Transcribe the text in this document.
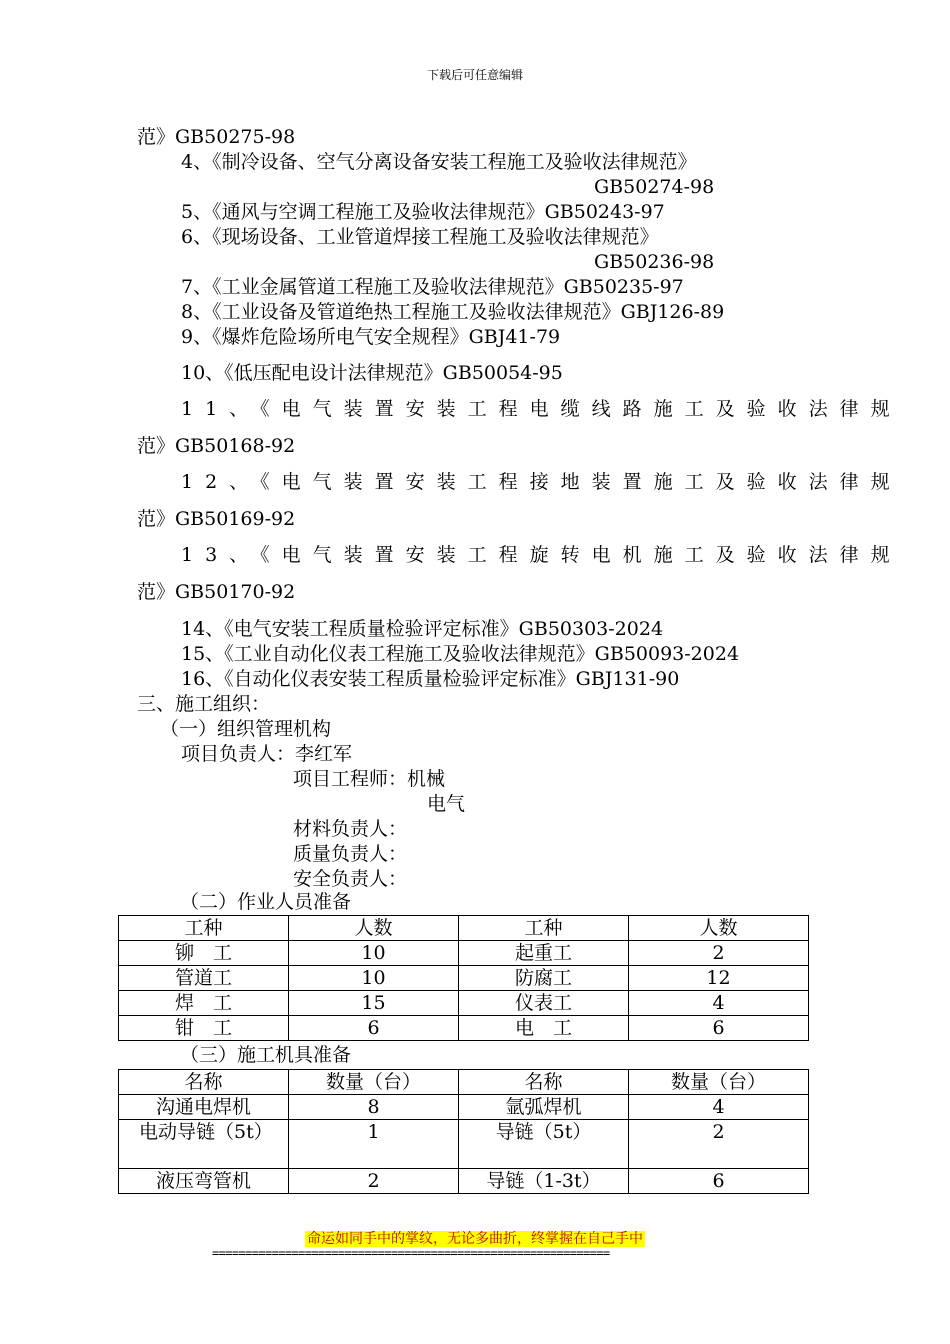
下载后可任意编辑
范》GB50275-98
4、《制冷设备、空气分离设备安装工程施工及验收法律规范》
GB50274-98
5、《通风与空调工程施工及验收法律规范》GB50243-97
6、《现场设备、工业管道焊接工程施工及验收法律规范》
GB50236-98
7、《工业金属管道工程施工及验收法律规范》GB50235-97
8、《工业设备及管道绝热工程施工及验收法律规范》GBJ126-89
9、《爆炸危险场所电气安全规程》GBJ41-79
10、《低压配电设计法律规范》GB50054-95
11、《电气装置安装工程电缆线路施工及验收法律规
范》GB50168-92
12、《电气装置安装工程接地装置施工及验收法律规
范》GB50169-92
13、《电气装置安装工程旋转电机施工及验收法律规
范》GB50170-92
14、《电气安装工程质量检验评定标准》GB50303-2024
15、《工业自动化仪表工程施工及验收法律规范》GB50093-2024
16、《自动化仪表安装工程质量检验评定标准》GBJ131-90
三、施工组织：
（一）组织管理机构
项目负责人：李红军
项目工程师：机械
电气
材料负责人：
质量负责人：
安全负责人：
（二）作业人员准备
工种	人数	工种	人数
铆　工	10	起重工	2
管道工	10	防腐工	12
焊　工	15	仪表工	4
钳　工	6	电　工	6
（三）施工机具准备
名称	数量（台）	名称	数量（台）
沟通电焊机	8	氩弧焊机	4
电动导链（5t）	1	导链（5t）	2
液压弯管机	2	导链（1-3t）	6
命运如同手中的掌纹，无论多曲折，终掌握在自己手中
============================================================
